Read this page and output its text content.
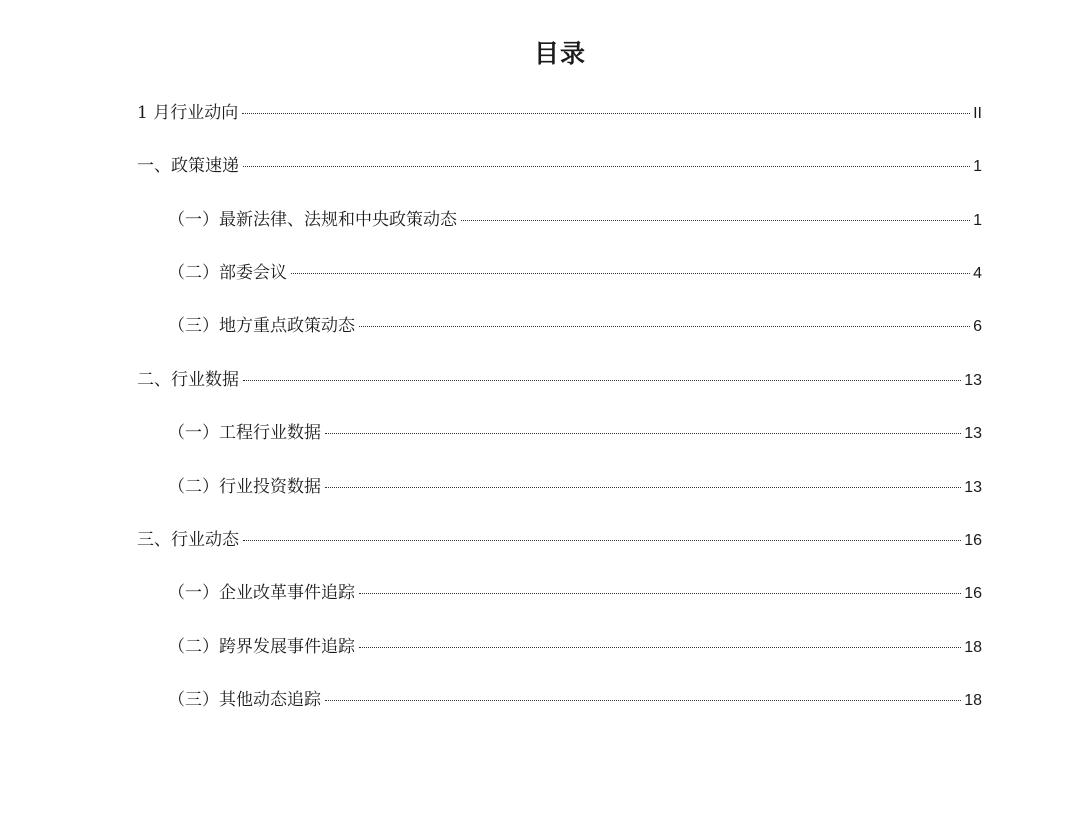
目录
1 月行业动向	II
一、政策速递	1
（一）最新法律、法规和中央政策动态	1
（二）部委会议	4
（三）地方重点政策动态	6
二、行业数据	13
（一）工程行业数据	13
（二）行业投资数据	13
三、行业动态	16
（一）企业改革事件追踪	16
（二）跨界发展事件追踪	18
（三）其他动态追踪	18
